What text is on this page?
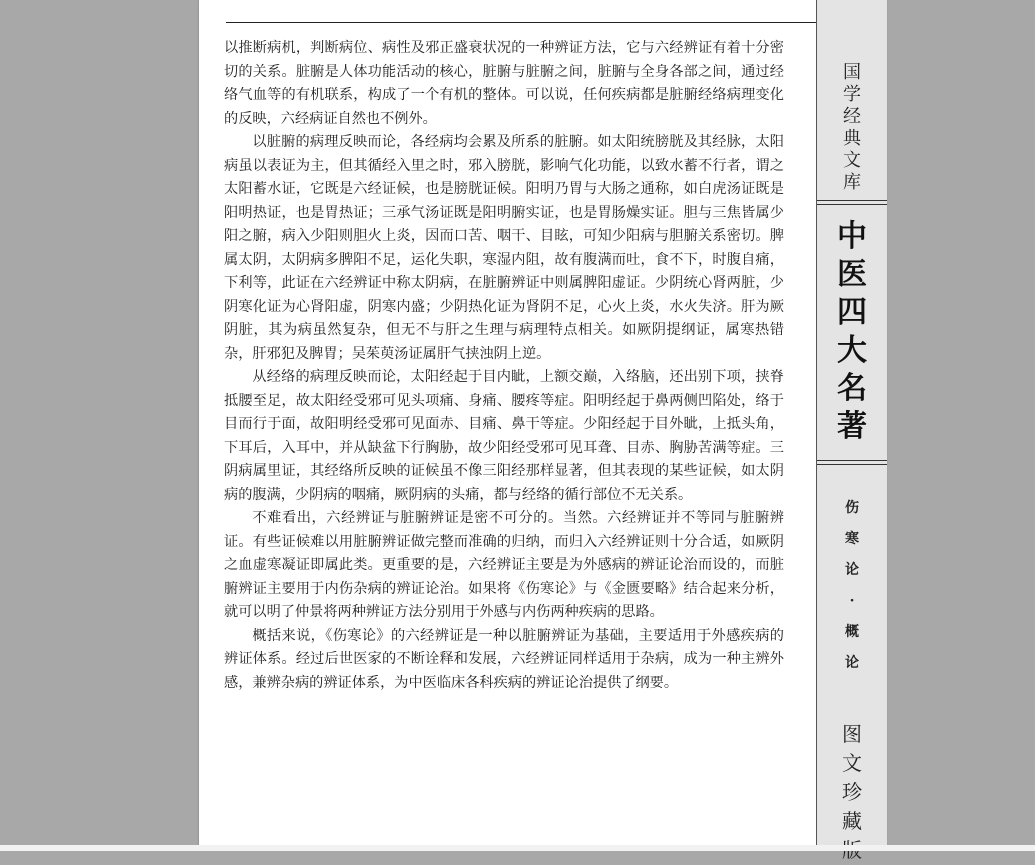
以推断病机，判断病位、病性及邪正盛衰状况的一种辨证方法，它与六经辨证有着十分密切的关系。脏腑是人体功能活动的核心，脏腑与脏腑之间，脏腑与全身各部之间，通过经络气血等的有机联系，构成了一个有机的整体。可以说，任何疾病都是脏腑经络病理变化的反映，六经病证自然也不例外。

以脏腑的病理反映而论，各经病均会累及所系的脏腑。如太阳统膀胱及其经脉，太阳病虽以表证为主，但其循经入里之时，邪入膀胱，影响气化功能，以致水蓄不行者，谓之太阳蓄水证，它既是六经证候，也是膀胱证候。阳明乃胃与大肠之通称，如白虎汤证既是阳明热证，也是胃热证；三承气汤证既是阳明腑实证，也是胃肠燥实证。胆与三焦皆属少阳之腑，病入少阳则胆火上炎，因而口苦、咽干、目眩，可知少阳病与胆腑关系密切。脾属太阴，太阴病多脾阳不足，运化失职，寒湿内阻，故有腹满而吐，食不下，时腹自痛，下利等，此证在六经辨证中称太阴病，在脏腑辨证中则属脾阳虚证。少阴统心肾两脏，少阴寒化证为心肾阳虚，阴寒内盛；少阴热化证为肾阴不足，心火上炎，水火失济。肝为厥阴脏，其为病虽然复杂，但无不与肝之生理与病理特点相关。如厥阴提纲证，属寒热错杂，肝邪犯及脾胃；吴茱萸汤证属肝气挟浊阴上逆。

从经络的病理反映而论，太阳经起于目内眦，上额交巅，入络脑，还出别下项，挟脊抵腰至足，故太阳经受邪可见头项痛、身痛、腰疼等症。阳明经起于鼻两侧凹陷处，络于目而行于面，故阳明经受邪可见面赤、目痛、鼻干等症。少阳经起于目外眦，上抵头角，下耳后，入耳中，并从缺盆下行胸胁，故少阳经受邪可见耳聋、目赤、胸胁苦满等症。三阴病属里证，其经络所反映的证候虽不像三阳经那样显著，但其表现的某些证候，如太阴病的腹满，少阴病的咽痛，厥阴病的头痛，都与经络的循行部位不无关系。

不难看出，六经辨证与脏腑辨证是密不可分的。当然。六经辨证并不等同与脏腑辨证。有些证候难以用脏腑辨证做完整而准确的归纳，而归入六经辨证则十分合适，如厥阴之血虚寒凝证即属此类。更重要的是，六经辨证主要是为外感病的辨证论治而设的，而脏腑辨证主要用于内伤杂病的辨证论治。如果将《伤寒论》与《金匮要略》结合起来分析，就可以明了仲景将两种辨证方法分别用于外感与内伤两种疾病的思路。

概括来说，《伤寒论》的六经辨证是一种以脏腑辨证为基础，主要适用于外感疾病的辨证体系。经过后世医家的不断诠释和发展，六经辨证同样适用于杂病，成为一种主辨外感，兼辨杂病的辨证体系，为中医临床各科疾病的辨证论治提供了纲要。

国
学
经
典
文
库
中
医
四
大
名
著
伤
寒
论
·
概
论
图
文
珍
藏
